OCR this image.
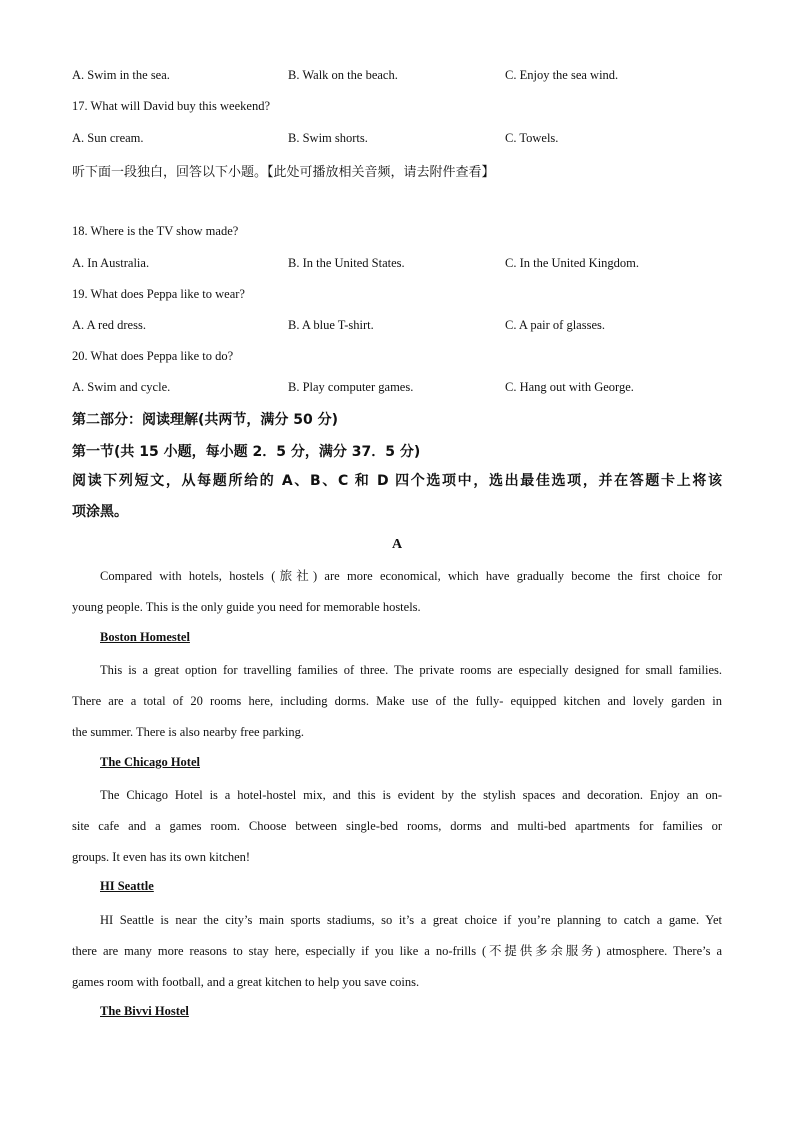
A. Swim in the sea.	B. Walk on the beach.	C. Enjoy the sea wind.
17. What will David buy this weekend?
A. Sun cream.	B. Swim shorts.	C. Towels.
听下面一段独白，回答以下小题。【此处可播放相关音频，请去附件查看】
18. Where is the TV show made?
A. In Australia.	B. In the United States.	C. In the United Kingdom.
19. What does Peppa like to wear?
A. A red dress.	B. A blue T-shirt.	C. A pair of glasses.
20. What does Peppa like to do?
A. Swim and cycle.	B. Play computer games.	C. Hang out with George.
第二部分：阅读理解(共两节，满分 50 分)
第一节(共 15 小题，每小题 2．5 分，满分 37．5 分)
阅读下列短文，从每题所给的 A、B、C 和 D 四个选项中，选出最佳选项，并在答题卡上将该
项涂黑。
A
Compared with hotels, hostels (旅社) are more economical, which have gradually become the first choice for
young people. This is the only guide you need for memorable hostels.
Boston Homestel
This is a great option for travelling families of three. The private rooms are especially designed for small families.
There are a total of 20 rooms here, including dorms. Make use of the fully- equipped kitchen and lovely garden in
the summer. There is also nearby free parking.
The Chicago Hotel
The Chicago Hotel is a hotel-hostel mix, and this is evident by the stylish spaces and decoration. Enjoy an on-
site cafe and a games room. Choose between single-bed rooms, dorms and multi-bed apartments for families or
groups. It even has its own kitchen!
HI Seattle
HI Seattle is near the city’s main sports stadiums, so it’s a great choice if you’re planning to catch a game. Yet
there are many more reasons to stay here, especially if you like a no-frills (不提供多余服务) atmosphere. There’s a
games room with football, and a great kitchen to help you save coins.
The Bivvi Hostel
